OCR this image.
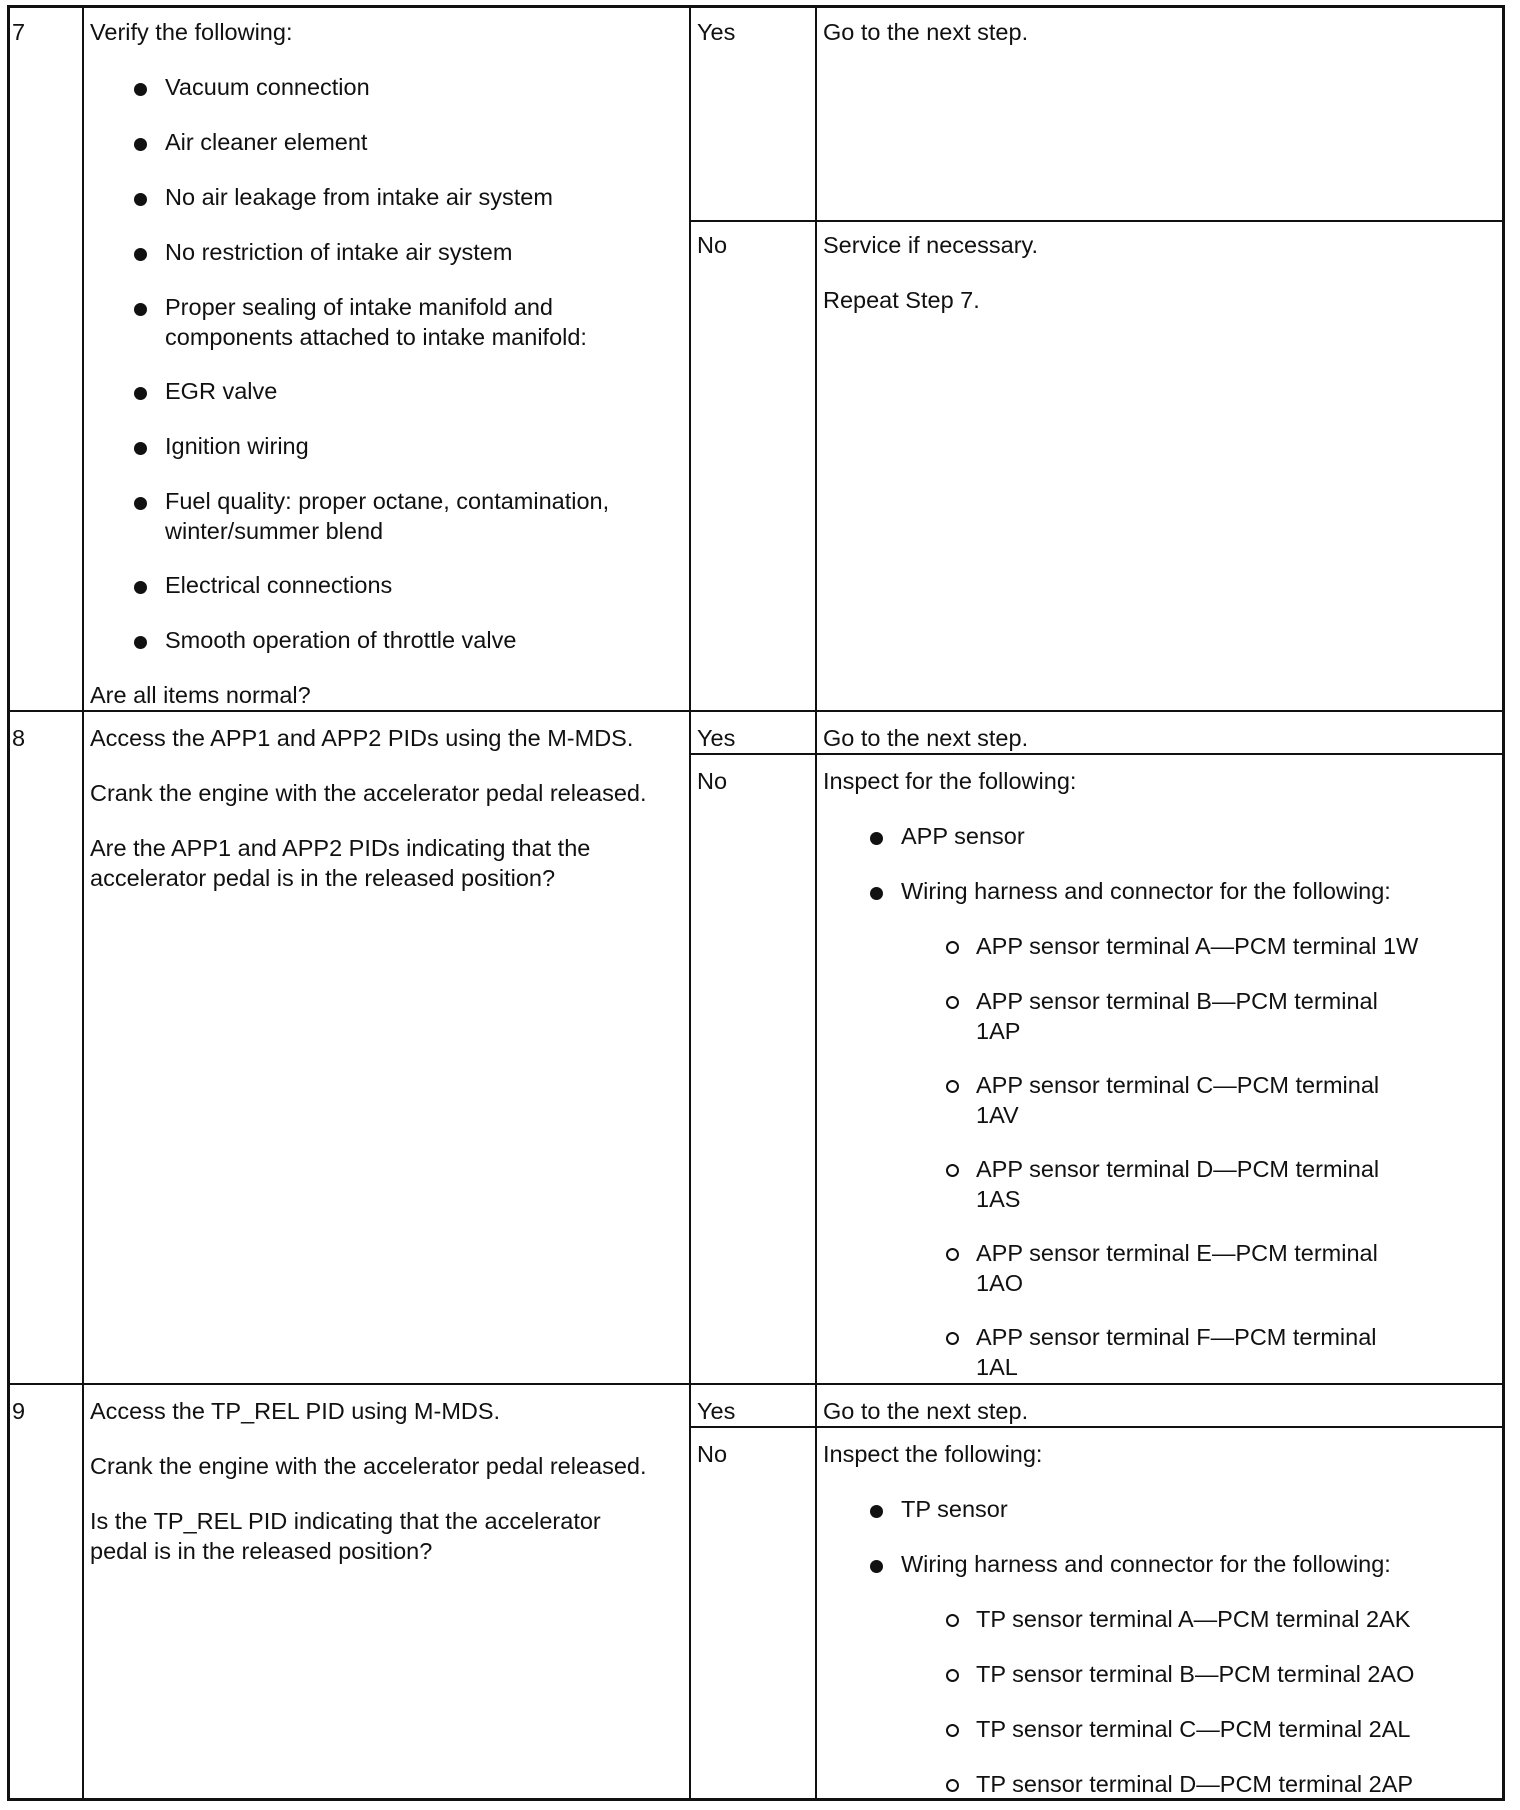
7	Verify the following:
Vacuum connection
Air cleaner element
No air leakage from intake air system
No restriction of intake air system
Proper sealing of intake manifold and
components attached to intake manifold:
EGR valve
Ignition wiring
Fuel quality: proper octane, contamination,
winter/summer blend
Electrical connections
Smooth operation of throttle valve
Are all items normal?
Yes	Go to the next step.
No	Service if necessary.
Repeat Step 7.
8	Access the APP1 and APP2 PIDs using the M-MDS.
Crank the engine with the accelerator pedal released.
Are the APP1 and APP2 PIDs indicating that the
accelerator pedal is in the released position?
Yes	Go to the next step.
No	Inspect for the following:
APP sensor
Wiring harness and connector for the following:
APP sensor terminal A—PCM terminal 1W
APP sensor terminal B—PCM terminal
1AP
APP sensor terminal C—PCM terminal
1AV
APP sensor terminal D—PCM terminal
1AS
APP sensor terminal E—PCM terminal
1AO
APP sensor terminal F—PCM terminal
1AL
9	Access the TP_REL PID using M-MDS.
Crank the engine with the accelerator pedal released.
Is the TP_REL PID indicating that the accelerator
pedal is in the released position?
Yes	Go to the next step.
No	Inspect the following:
TP sensor
Wiring harness and connector for the following:
TP sensor terminal A—PCM terminal 2AK
TP sensor terminal B—PCM terminal 2AO
TP sensor terminal C—PCM terminal 2AL
TP sensor terminal D—PCM terminal 2AP
